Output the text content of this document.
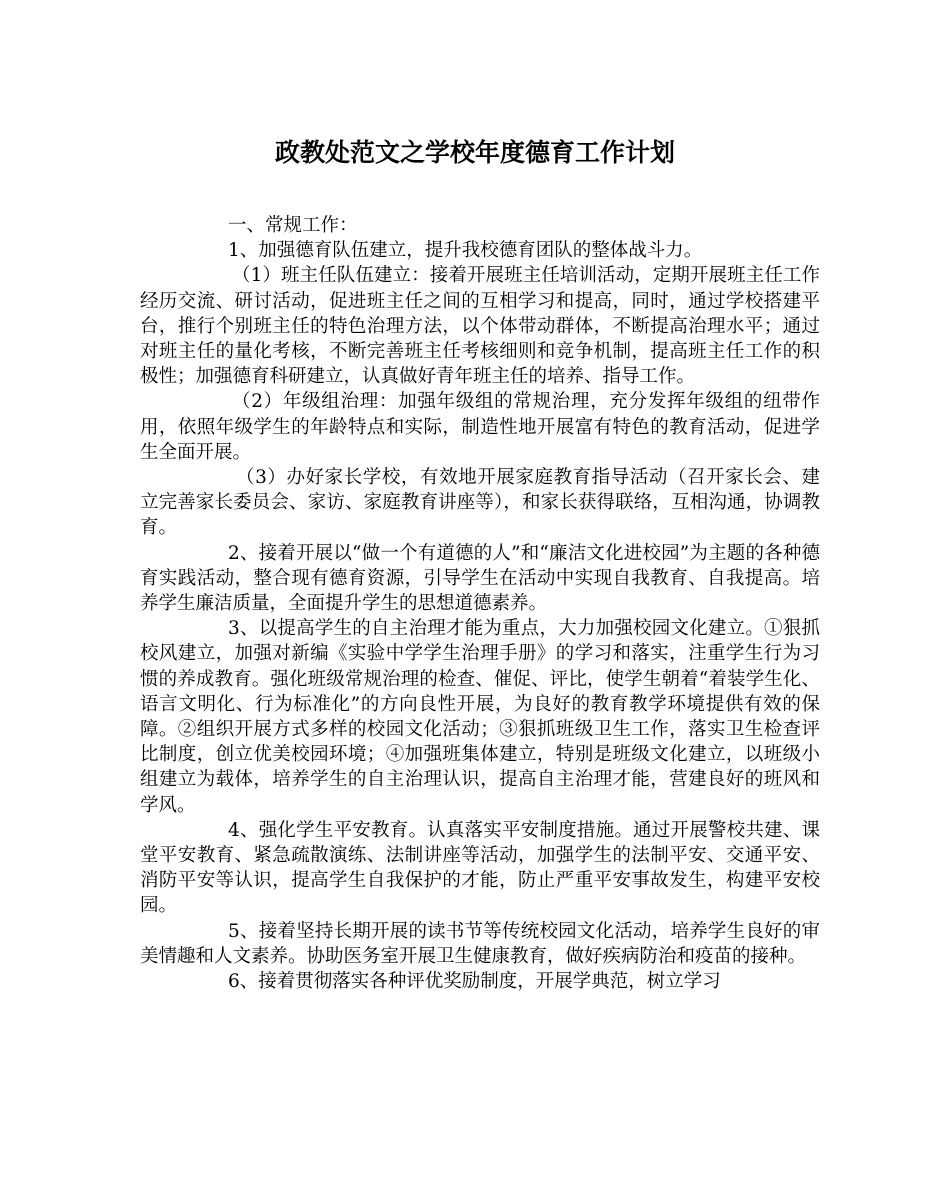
政教处范文之学校年度德育工作计划

一、常规工作：

1、加强德育队伍建立，提升我校德育团队的整体战斗力。

（1）班主任队伍建立：接着开展班主任培训活动，定期开展班主任工作经历交流、研讨活动，促进班主任之间的互相学习和提高，同时，通过学校搭建平台，推行个别班主任的特色治理方法，以个体带动群体，不断提高治理水平；通过对班主任的量化考核，不断完善班主任考核细则和竞争机制，提高班主任工作的积极性；加强德育科研建立，认真做好青年班主任的培养、指导工作。

（2）年级组治理：加强年级组的常规治理，充分发挥年级组的纽带作用，依照年级学生的年龄特点和实际，制造性地开展富有特色的教育活动，促进学生全面开展。

（3）办好家长学校，有效地开展家庭教育指导活动（召开家长会、建立完善家长委员会、家访、家庭教育讲座等），和家长获得联络，互相沟通，协调教育。

2、接着开展以“做一个有道德的人”和“廉洁文化进校园”为主题的各种德育实践活动，整合现有德育资源，引导学生在活动中实现自我教育、自我提高。培养学生廉洁质量，全面提升学生的思想道德素养。

3、以提高学生的自主治理才能为重点，大力加强校园文化建立。①狠抓校风建立，加强对新编《实验中学学生治理手册》的学习和落实，注重学生行为习惯的养成教育。强化班级常规治理的检查、催促、评比，使学生朝着“着装学生化、语言文明化、行为标准化”的方向良性开展，为良好的教育教学环境提供有效的保障。②组织开展方式多样的校园文化活动；③狠抓班级卫生工作，落实卫生检查评比制度，创立优美校园环境；④加强班集体建立，特别是班级文化建立，以班级小组建立为载体，培养学生的自主治理认识，提高自主治理才能，营建良好的班风和学风。

4、强化学生平安教育。认真落实平安制度措施。通过开展警校共建、课堂平安教育、紧急疏散演练、法制讲座等活动，加强学生的法制平安、交通平安、消防平安等认识，提高学生自我保护的才能，防止严重平安事故发生，构建平安校园。

5、接着坚持长期开展的读书节等传统校园文化活动，培养学生良好的审美情趣和人文素养。协助医务室开展卫生健康教育，做好疾病防治和疫苗的接种。

6、接着贯彻落实各种评优奖励制度，开展学典范，树立学习
